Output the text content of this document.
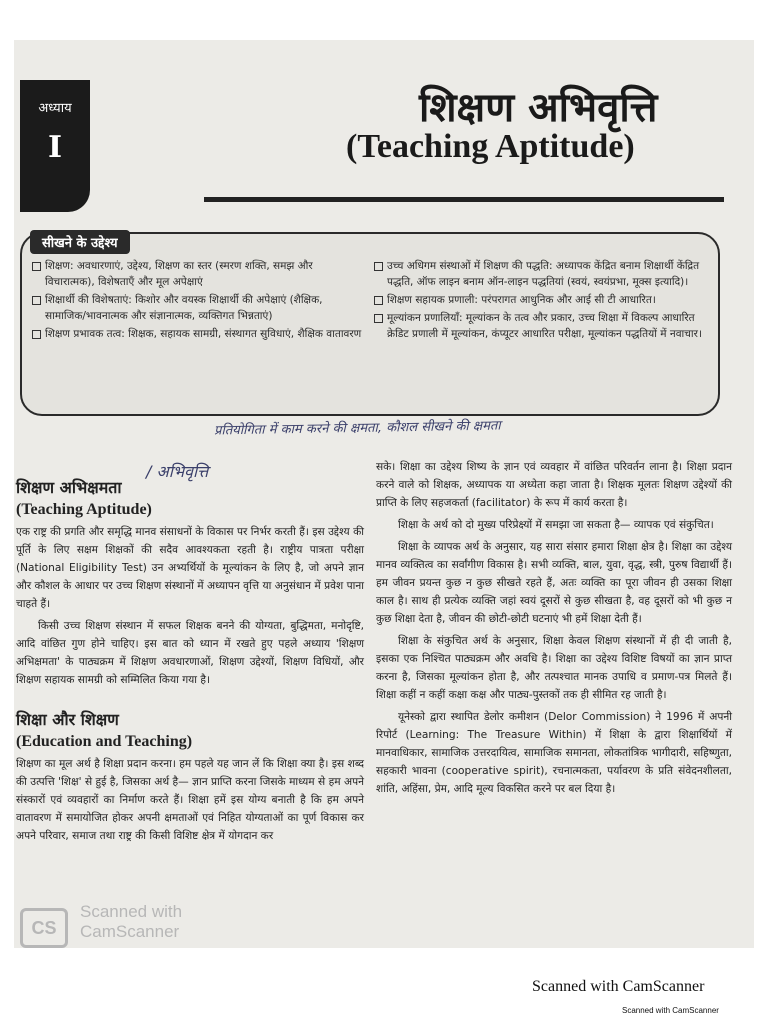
अध्याय
I
शिक्षण अभिवृत्ति
(Teaching Aptitude)
सीखने के उद्देश्य
शिक्षण: अवधारणाएं, उद्देश्य, शिक्षण का स्तर (स्मरण शक्ति, समझ और विचारात्मक), विशेषताएँ और मूल अपेक्षाएं
शिक्षार्थी की विशेषताएं: किशोर और वयस्क शिक्षार्थी की अपेक्षाएं (शैक्षिक, सामाजिक/भावनात्मक और संज्ञानात्मक, व्यक्तिगत भिन्नताएं)
शिक्षण प्रभावक तत्व: शिक्षक, सहायक सामग्री, संस्थागत सुविधाएं, शैक्षिक वातावरण
उच्च अधिगम संस्थाओं में शिक्षण की पद्धति: अध्यापक केंद्रित बनाम शिक्षार्थी केंद्रित पद्धति, ऑफ लाइन बनाम ऑन-लाइन पद्धतियां (स्वयं, स्वयंप्रभा, मूक्स इत्यादि)।
शिक्षण सहायक प्रणाली: परंपरागत आधुनिक और आई सी टी आधारित।
मूल्यांकन प्रणालियाँ: मूल्यांकन के तत्व और प्रकार, उच्च शिक्षा में विकल्प आधारित क्रेडिट प्रणाली में मूल्यांकन, कंप्यूटर आधारित परीक्षा, मूल्यांकन पद्धतियों में नवाचार।
प्रतियोगिता में काम करने की क्षमता, कौशल सीखने की क्षमता
/ अभिवृत्ति
शिक्षण अभिक्षमता
(Teaching Aptitude)

एक राष्ट्र की प्रगति और समृद्धि मानव संसाधनों के विकास पर निर्भर करती हैं। इस उद्देश्य की पूर्ति के लिए सक्षम शिक्षकों की सदैव आवश्यकता रहती है। राष्ट्रीय पात्रता परीक्षा (National Eligibility Test) उन अभ्यर्थियों के मूल्यांकन के लिए है, जो अपने ज्ञान और कौशल के आधार पर उच्च शिक्षण संस्थानों में अध्यापन वृत्ति या अनुसंधान में प्रवेश पाना चाहते हैं।

किसी उच्च शिक्षण संस्थान में सफल शिक्षक बनने की योग्यता, बुद्धिमता, मनोदृष्टि, आदि वांछित गुण होने चाहिए। इस बात को ध्यान में रखते हुए पहले अध्याय 'शिक्षण अभिक्षमता' के पाठ्यक्रम में शिक्षण अवधारणाओं, शिक्षण उद्देश्यों, शिक्षण विधियों, और शिक्षण सहायक सामग्री को सम्मिलित किया गया है।

शिक्षा और शिक्षण
(Education and Teaching)

शिक्षण का मूल अर्थ है शिक्षा प्रदान करना। हम पहले यह जान लें कि शिक्षा क्या है। इस शब्द की उत्पत्ति 'शिक्ष' से हुई है, जिसका अर्थ है— ज्ञान प्राप्ति करना जिसके माध्यम से हम अपने संस्कारों एवं व्यवहारों का निर्माण करते हैं। शिक्षा हमें इस योग्य बनाती है कि हम अपने वातावरण में समायोजित होकर अपनी क्षमताओं एवं निहित योग्यताओं का पूर्ण विकास कर अपने परिवार, समाज तथा राष्ट्र की किसी विशिष्ट क्षेत्र में योगदान कर

सके। शिक्षा का उद्देश्य शिष्य के ज्ञान एवं व्यवहार में वांछित परिवर्तन लाना है। शिक्षा प्रदान करने वाले को शिक्षक, अध्यापक या अध्येता कहा जाता है। शिक्षक मूलतः शिक्षण उद्देश्यों की प्राप्ति के लिए सहजकर्ता (facilitator) के रूप में कार्य करता है।

शिक्षा के अर्थ को दो मुख्य परिप्रेक्ष्यों में समझा जा सकता है— व्यापक एवं संकुचित।

शिक्षा के व्यापक अर्थ के अनुसार, यह सारा संसार हमारा शिक्षा क्षेत्र है। शिक्षा का उद्देश्य मानव व्यक्तित्व का सर्वांगीण विकास है। सभी व्यक्ति, बाल, युवा, वृद्ध, स्त्री, पुरुष विद्यार्थी हैं। हम जीवन प्रयन्त कुछ न कुछ सीखते रहते हैं, अतः व्यक्ति का पूरा जीवन ही उसका शिक्षा काल है। साथ ही प्रत्येक व्यक्ति जहां स्वयं दूसरों से कुछ सीखता है, वह दूसरों को भी कुछ न कुछ शिक्षा देता है, जीवन की छोटी-छोटी घटनाएं भी हमें शिक्षा देती हैं।

शिक्षा के संकुचित अर्थ के अनुसार, शिक्षा केवल शिक्षण संस्थानों में ही दी जाती है, इसका एक निश्चित पाठ्यक्रम और अवधि है। शिक्षा का उद्देश्य विशिष्ट विषयों का ज्ञान प्राप्त करना है, जिसका मूल्यांकन होता है, और तत्पश्चात मानक उपाधि व प्रमाण-पत्र मिलते हैं। शिक्षा कहीं न कहीं कक्षा कक्ष और पाठ्य-पुस्तकों तक ही सीमित रह जाती है।

यूनेस्को द्वारा स्थापित डेलोर कमीशन (Delor Commission) ने 1996 में अपनी रिपोर्ट (Learning: The Treasure Within) में शिक्षा के द्वारा शिक्षार्थियों में मानवाधिकार, सामाजिक उत्तरदायित्व, सामाजिक समानता, लोकतांत्रिक भागीदारी, सहिष्णुता, सहकारी भावना (cooperative spirit), रचनात्मकता, पर्यावरण के प्रति संवेदनशीलता, शांति, अहिंसा, प्रेम, आदि मूल्य विकसित करने पर बल दिया है।

CS
Scanned with
CamScanner
Scanned with CamScanner
Scanned with CamScanner
